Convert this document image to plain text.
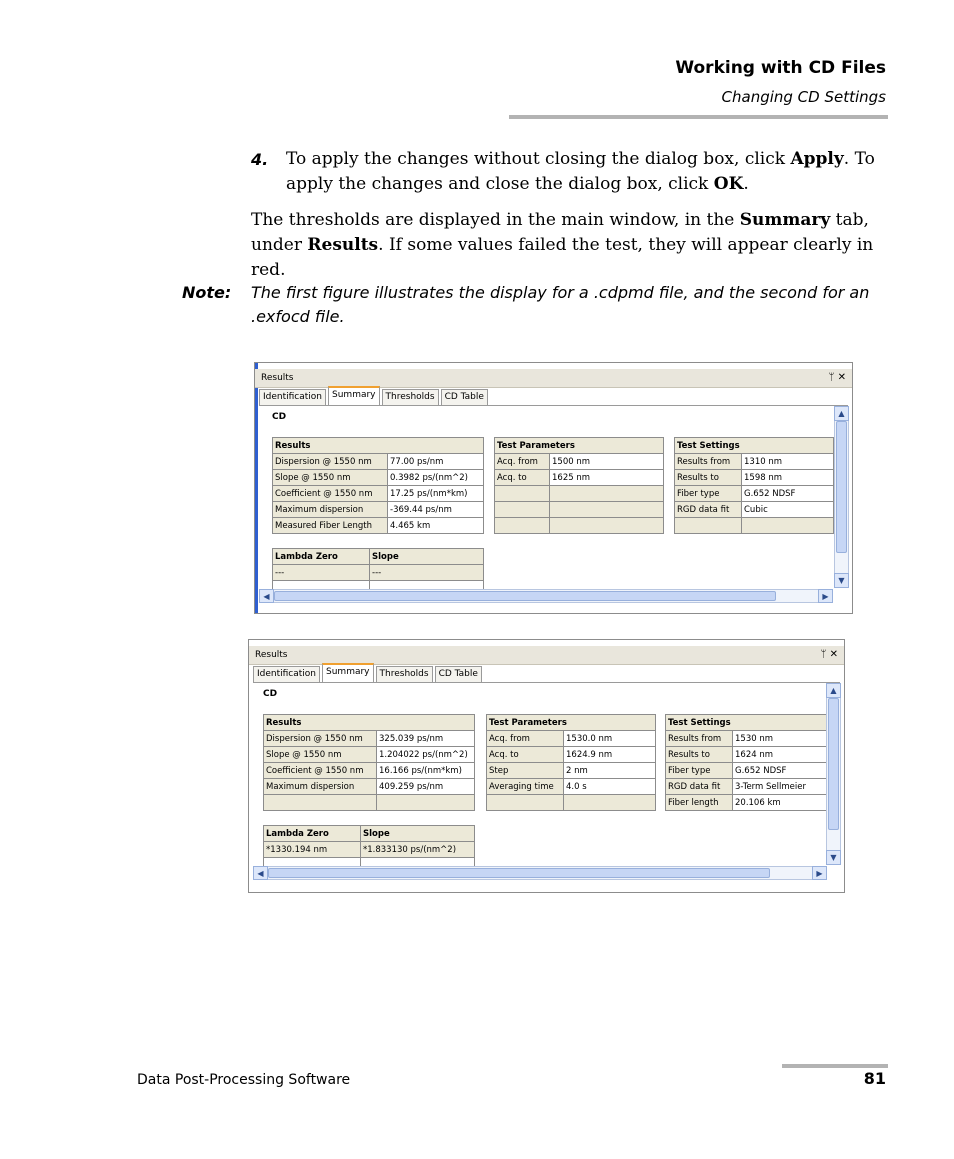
Working with CD Files
Changing CD Settings
4. To apply the changes without closing the dialog box, click Apply. To apply the changes and close the dialog box, click OK.
The thresholds are displayed in the main window, in the Summary tab, under Results. If some values failed the test, they will appear clearly in red.
Note: The first figure illustrates the display for a .cdpmd file, and the second for an .exfocd file.
Results	ᛘ ✕
Identification	Summary	Thresholds	CD Table
CD
Results	
Dispersion @ 1550 nm	77.00 ps/nm
Slope @ 1550 nm	0.3982 ps/(nm^2)
Coefficient @ 1550 nm	17.25 ps/(nm*km)
Maximum dispersion	-369.44 ps/nm
Measured Fiber Length	4.465 km
Test Parameters	
Acq. from	1500 nm
Acq. to	1625 nm

Test Settings	
Results from	1310 nm
Results to	1598 nm
Fiber type	G.652 NDSF
RGD data fit	Cubic

Lambda Zero	Slope
---	---

▲
▼
◀	▶
Results	ᛘ ✕
Identification	Summary	Thresholds	CD Table
CD
Results	
Dispersion @ 1550 nm	325.039 ps/nm
Slope @ 1550 nm	1.204022 ps/(nm^2)
Coefficient @ 1550 nm	16.166 ps/(nm*km)
Maximum dispersion	409.259 ps/nm

Test Parameters	
Acq. from	1530.0 nm
Acq. to	1624.9 nm
Step	2 nm
Averaging time	4.0 s

Test Settings	
Results from	1530 nm
Results to	1624 nm
Fiber type	G.652 NDSF
RGD data fit	3-Term Sellmeier
Fiber length	20.106 km
Lambda Zero	Slope
*1330.194 nm	*1.833130 ps/(nm^2)

▲
▼
◀	▶
Data Post-Processing Software	81
